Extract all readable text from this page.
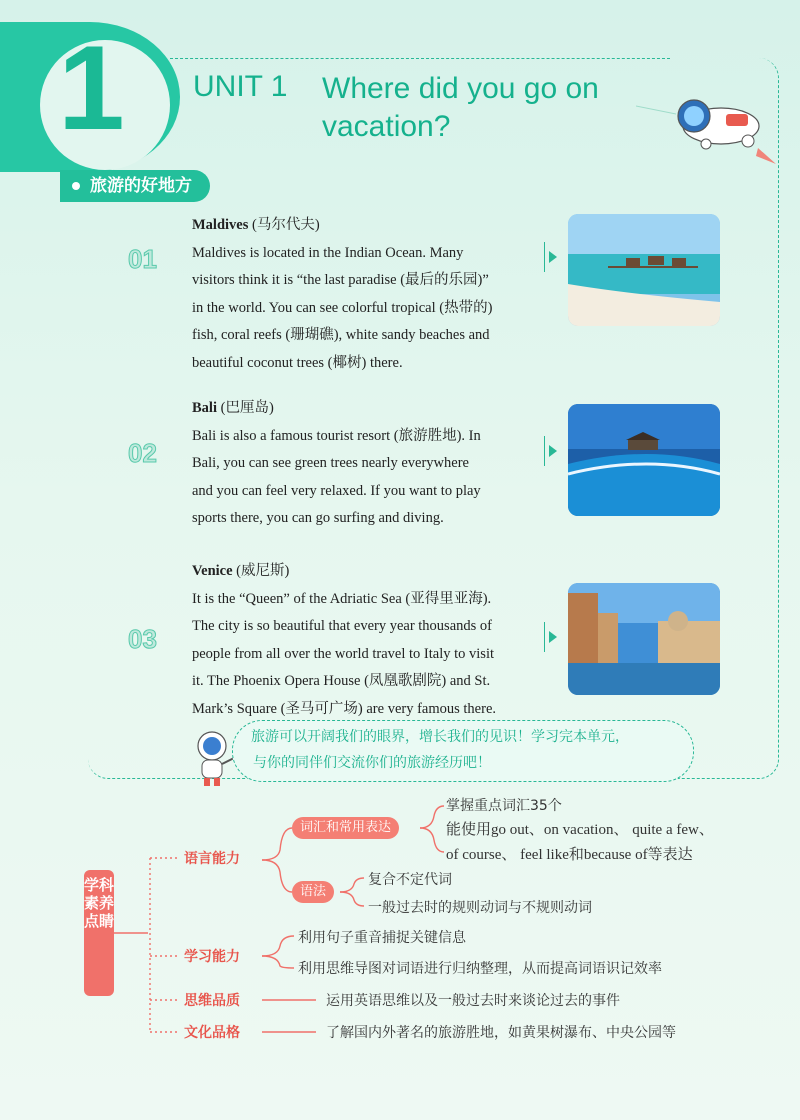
1 UNIT 1 Where did you go on vacation?
旅游的好地方
01
Maldives (马尔代夫)
Maldives is located in the Indian Ocean. Many
visitors think it is “the last paradise (最后的乐园)”
in the world. You can see colorful tropical (热带的)
fish, coral reefs (珊瑚礁), white sandy beaches and
beautiful coconut trees (椰树) there.
02
Bali (巴厘岛)
Bali is also a famous tourist resort (旅游胜地). In
Bali, you can see green trees nearly everywhere
and you can feel very relaxed. If you want to play
sports there, you can go surfing and diving.
03
Venice (威尼斯)
It is the “Queen” of the Adriatic Sea (亚得里亚海).
The city is so beautiful that every year thousands of
people from all over the world travel to Italy to visit
it. The Phoenix Opera House (凤凰歌剧院) and St.
Mark’s Square (圣马可广场) are very famous there.
旅游可以开阔我们的眼界，增长我们的见识！学习完本单元，
与你的同伴们交流你们的旅游经历吧！
学科素养点睛
语言能力
学习能力
思维品质
文化品格
词汇和常用表达
语法
掌握重点词汇35个
能使用go out、on vacation、 quite a few、
of course、 feel like和because of等表达
复合不定代词
一般过去时的规则动词与不规则动词
利用句子重音捕捉关键信息
利用思维导图对词语进行归纳整理，从而提高词语识记效率
运用英语思维以及一般过去时来谈论过去的事件
了解国内外著名的旅游胜地，如黄果树瀑布、中央公园等
